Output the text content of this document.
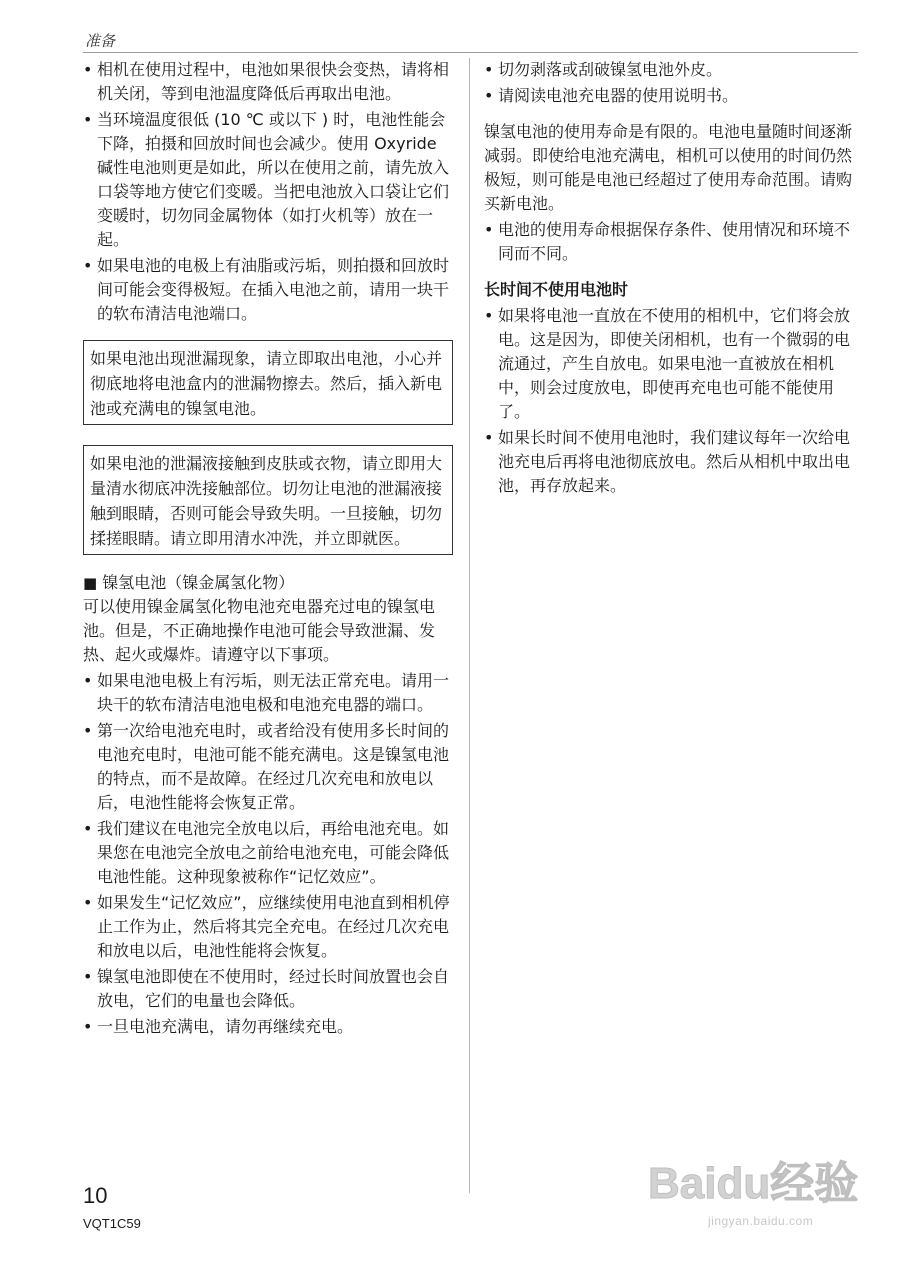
准备
• 相机在使用过程中，电池如果很快会变热，请将相机关闭，等到电池温度降低后再取出电池。
• 当环境温度很低 (10 ℃ 或以下 ) 时，电池性能会下降，拍摄和回放时间也会减少。使用 Oxyride 碱性电池则更是如此，所以在使用之前，请先放入口袋等地方使它们变暖。当把电池放入口袋让它们变暖时，切勿同金属物体（如打火机等）放在一起。
• 如果电池的电极上有油脂或污垢，则拍摄和回放时间可能会变得极短。在插入电池之前，请用一块干的软布清洁电池端口。
如果电池出现泄漏现象，请立即取出电池，小心并彻底地将电池盒内的泄漏物擦去。然后，插入新电池或充满电的镍氢电池。
如果电池的泄漏液接触到皮肤或衣物，请立即用大量清水彻底冲洗接触部位。切勿让电池的泄漏液接触到眼睛，否则可能会导致失明。一旦接触，切勿揉搓眼睛。请立即用清水冲洗，并立即就医。
■ 镍氢电池（镍金属氢化物）
可以使用镍金属氢化物电池充电器充过电的镍氢电池。但是，不正确地操作电池可能会导致泄漏、发热、起火或爆炸。请遵守以下事项。
• 如果电池电极上有污垢，则无法正常充电。请用一块干的软布清洁电池电极和电池充电器的端口。
• 第一次给电池充电时，或者给没有使用多长时间的电池充电时，电池可能不能充满电。这是镍氢电池的特点，而不是故障。在经过几次充电和放电以后，电池性能将会恢复正常。
• 我们建议在电池完全放电以后，再给电池充电。如果您在电池完全放电之前给电池充电，可能会降低电池性能。这种现象被称作“记忆效应”。
• 如果发生“记忆效应”，应继续使用电池直到相机停止工作为止，然后将其完全充电。在经过几次充电和放电以后，电池性能将会恢复。
• 镍氢电池即使在不使用时，经过长时间放置也会自放电，它们的电量也会降低。
• 一旦电池充满电，请勿再继续充电。
• 切勿剥落或刮破镍氢电池外皮。
• 请阅读电池充电器的使用说明书。
镍氢电池的使用寿命是有限的。电池电量随时间逐渐减弱。即使给电池充满电，相机可以使用的时间仍然极短，则可能是电池已经超过了使用寿命范围。请购买新电池。
• 电池的使用寿命根据保存条件、使用情况和环境不同而不同。
长时间不使用电池时
• 如果将电池一直放在不使用的相机中，它们将会放电。这是因为，即使关闭相机，也有一个微弱的电流通过，产生自放电。如果电池一直被放在相机中，则会过度放电，即使再充电也可能不能使用了。
• 如果长时间不使用电池时，我们建议每年一次给电池充电后再将电池彻底放电。然后从相机中取出电池，再存放起来。
10
VQT1C59
Baidu经验
jingyan.baidu.com
